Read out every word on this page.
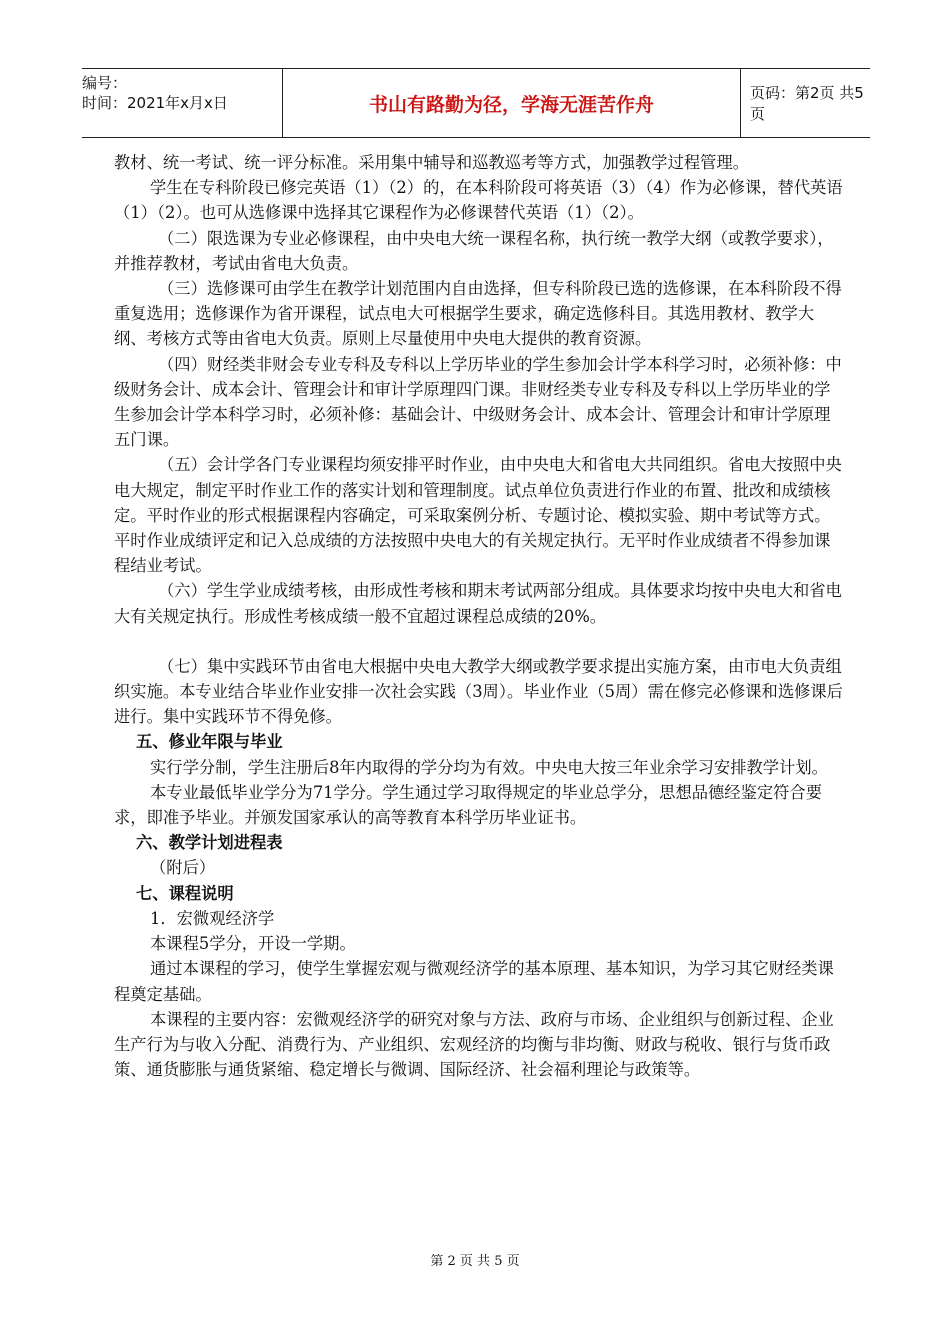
编号：
时间：2021年x月x日	书山有路勤为径，学海无涯苦作舟
页码：第2页 共5页

教材、统一考试、统一评分标准。采用集中辅导和巡教巡考等方式，加强教学过程管理。

学生在专科阶段已修完英语（1）（2）的，在本科阶段可将英语（3）（4）作为必修课，替代英语（1）（2）。也可从选修课中选择其它课程作为必修课替代英语（1）（2）。

（二）限选课为专业必修课程，由中央电大统一课程名称，执行统一教学大纲（或教学要求），并推荐教材，考试由省电大负责。

（三）选修课可由学生在教学计划范围内自由选择，但专科阶段已选的选修课，在本科阶段不得重复选用；选修课作为省开课程，试点电大可根据学生要求，确定选修科目。其选用教材、教学大纲、考核方式等由省电大负责。原则上尽量使用中央电大提供的教育资源。

（四）财经类非财会专业专科及专科以上学历毕业的学生参加会计学本科学习时，必须补修：中级财务会计、成本会计、管理会计和审计学原理四门课。非财经类专业专科及专科以上学历毕业的学生参加会计学本科学习时，必须补修：基础会计、中级财务会计、成本会计、管理会计和审计学原理五门课。

（五）会计学各门专业课程均须安排平时作业，由中央电大和省电大共同组织。省电大按照中央电大规定，制定平时作业工作的落实计划和管理制度。试点单位负责进行作业的布置、批改和成绩核定。平时作业的形式根据课程内容确定，可采取案例分析、专题讨论、模拟实验、期中考试等方式。平时作业成绩评定和记入总成绩的方法按照中央电大的有关规定执行。无平时作业成绩者不得参加课程结业考试。

（六）学生学业成绩考核，由形成性考核和期末考试两部分组成。具体要求均按中央电大和省电大有关规定执行。形成性考核成绩一般不宜超过课程总成绩的20%。

（七）集中实践环节由省电大根据中央电大教学大纲或教学要求提出实施方案，由市电大负责组织实施。本专业结合毕业作业安排一次社会实践（3周）。毕业作业（5周）需在修完必修课和选修课后进行。集中实践环节不得免修。

五、修业年限与毕业

实行学分制，学生注册后8年内取得的学分均为有效。中央电大按三年业余学习安排教学计划。

本专业最低毕业学分为71学分。学生通过学习取得规定的毕业总学分，思想品德经鉴定符合要求，即准予毕业。并颁发国家承认的高等教育本科学历毕业证书。

六、教学计划进程表

（附后）

七、课程说明

1．宏微观经济学

本课程5学分，开设一学期。

通过本课程的学习，使学生掌握宏观与微观经济学的基本原理、基本知识，为学习其它财经类课程奠定基础。

本课程的主要内容：宏微观经济学的研究对象与方法、政府与市场、企业组织与创新过程、企业生产行为与收入分配、消费行为、产业组织、宏观经济的均衡与非均衡、财政与税收、银行与货币政策、通货膨胀与通货紧缩、稳定增长与微调、国际经济、社会福利理论与政策等。

第 2 页 共 5 页
